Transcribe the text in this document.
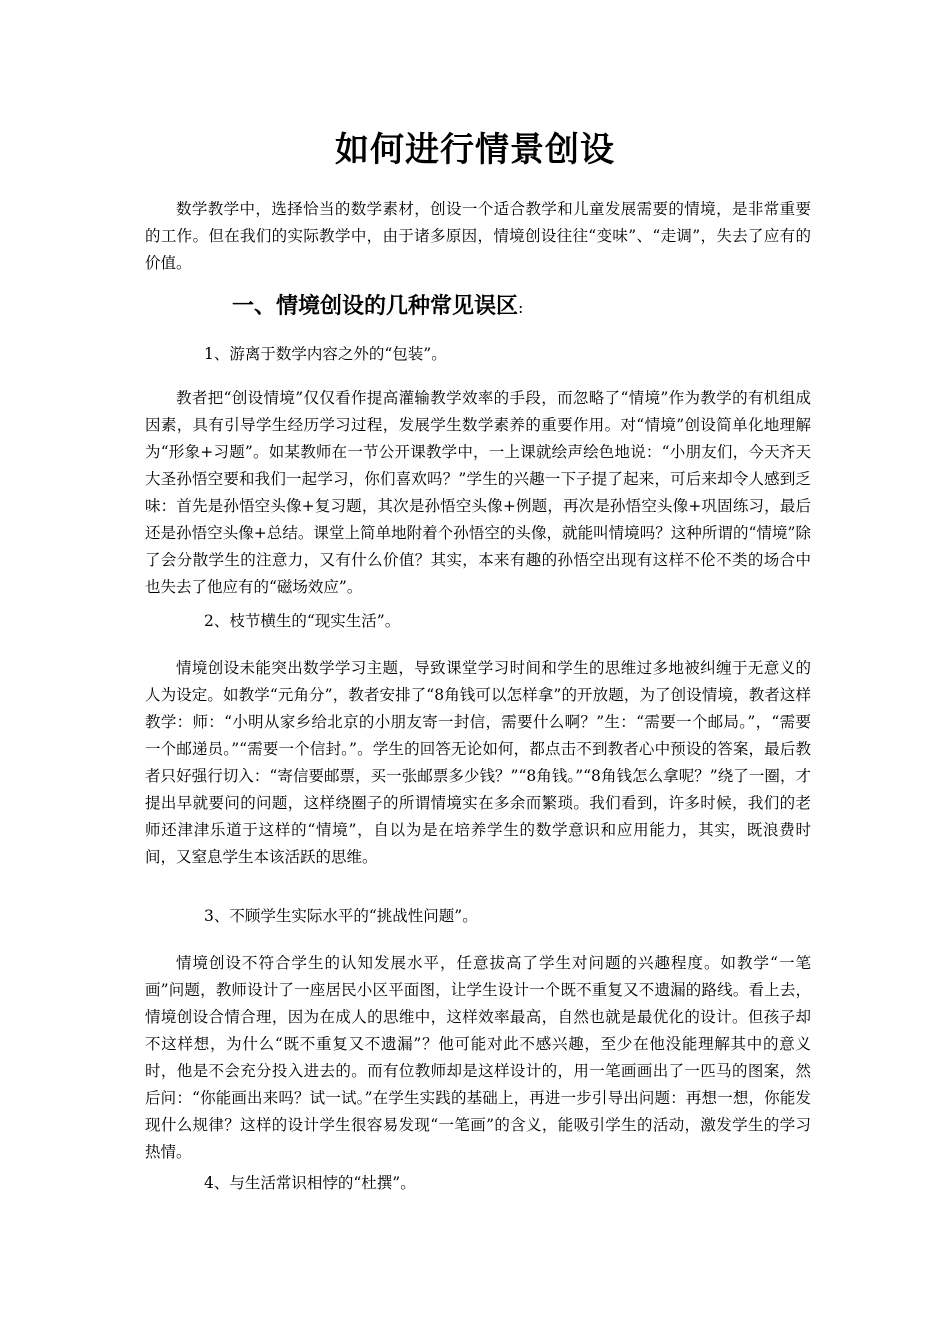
如何进行情景创设

数学教学中，选择恰当的数学素材，创设一个适合教学和儿童发展需要的情境，是非常重要的工作。但在我们的实际教学中，由于诸多原因，情境创设往往“变味”、“走调”，失去了应有的价值。

一、情境创设的几种常见误区:

1、游离于数学内容之外的“包装”。

教者把“创设情境”仅仅看作提高灌输教学效率的手段，而忽略了“情境”作为教学的有机组成因素，具有引导学生经历学习过程，发展学生数学素养的重要作用。对“情境”创设简单化地理解为“形象+习题”。如某教师在一节公开课教学中，一上课就绘声绘色地说：“小朋友们，今天齐天大圣孙悟空要和我们一起学习，你们喜欢吗？”学生的兴趣一下子提了起来，可后来却令人感到乏味：首先是孙悟空头像+复习题，其次是孙悟空头像+例题，再次是孙悟空头像+巩固练习，最后还是孙悟空头像+总结。课堂上简单地附着个孙悟空的头像，就能叫情境吗？这种所谓的“情境”除了会分散学生的注意力，又有什么价值？其实，本来有趣的孙悟空出现有这样不伦不类的场合中也失去了他应有的“磁场效应”。

2、枝节横生的“现实生活”。

情境创设未能突出数学学习主题，导致课堂学习时间和学生的思维过多地被纠缠于无意义的人为设定。如教学“元角分”，教者安排了“8角钱可以怎样拿”的开放题，为了创设情境，教者这样教学：师：“小明从家乡给北京的小朋友寄一封信，需要什么啊？”生：“需要一个邮局。”，“需要一个邮递员。”“需要一个信封。”。学生的回答无论如何，都点击不到教者心中预设的答案，最后教者只好强行切入：“寄信要邮票，买一张邮票多少钱？”“8角钱。”“8角钱怎么拿呢？”绕了一圈，才提出早就要问的问题，这样绕圈子的所谓情境实在多余而繁琐。我们看到，许多时候，我们的老师还津津乐道于这样的“情境”，自以为是在培养学生的数学意识和应用能力，其实，既浪费时间，又窒息学生本该活跃的思维。

3、不顾学生实际水平的“挑战性问题”。

情境创设不符合学生的认知发展水平，任意拔高了学生对问题的兴趣程度。如教学“一笔画”问题，教师设计了一座居民小区平面图，让学生设计一个既不重复又不遗漏的路线。看上去，情境创设合情合理，因为在成人的思维中，这样效率最高，自然也就是最优化的设计。但孩子却不这样想，为什么“既不重复又不遗漏”？他可能对此不感兴趣，至少在他没能理解其中的意义时，他是不会充分投入进去的。而有位教师却是这样设计的，用一笔画画出了一匹马的图案，然后问：“你能画出来吗？试一试。”在学生实践的基础上，再进一步引导出问题：再想一想，你能发现什么规律？这样的设计学生很容易发现“一笔画”的含义，能吸引学生的活动，激发学生的学习热情。

4、与生活常识相悖的“杜撰”。
